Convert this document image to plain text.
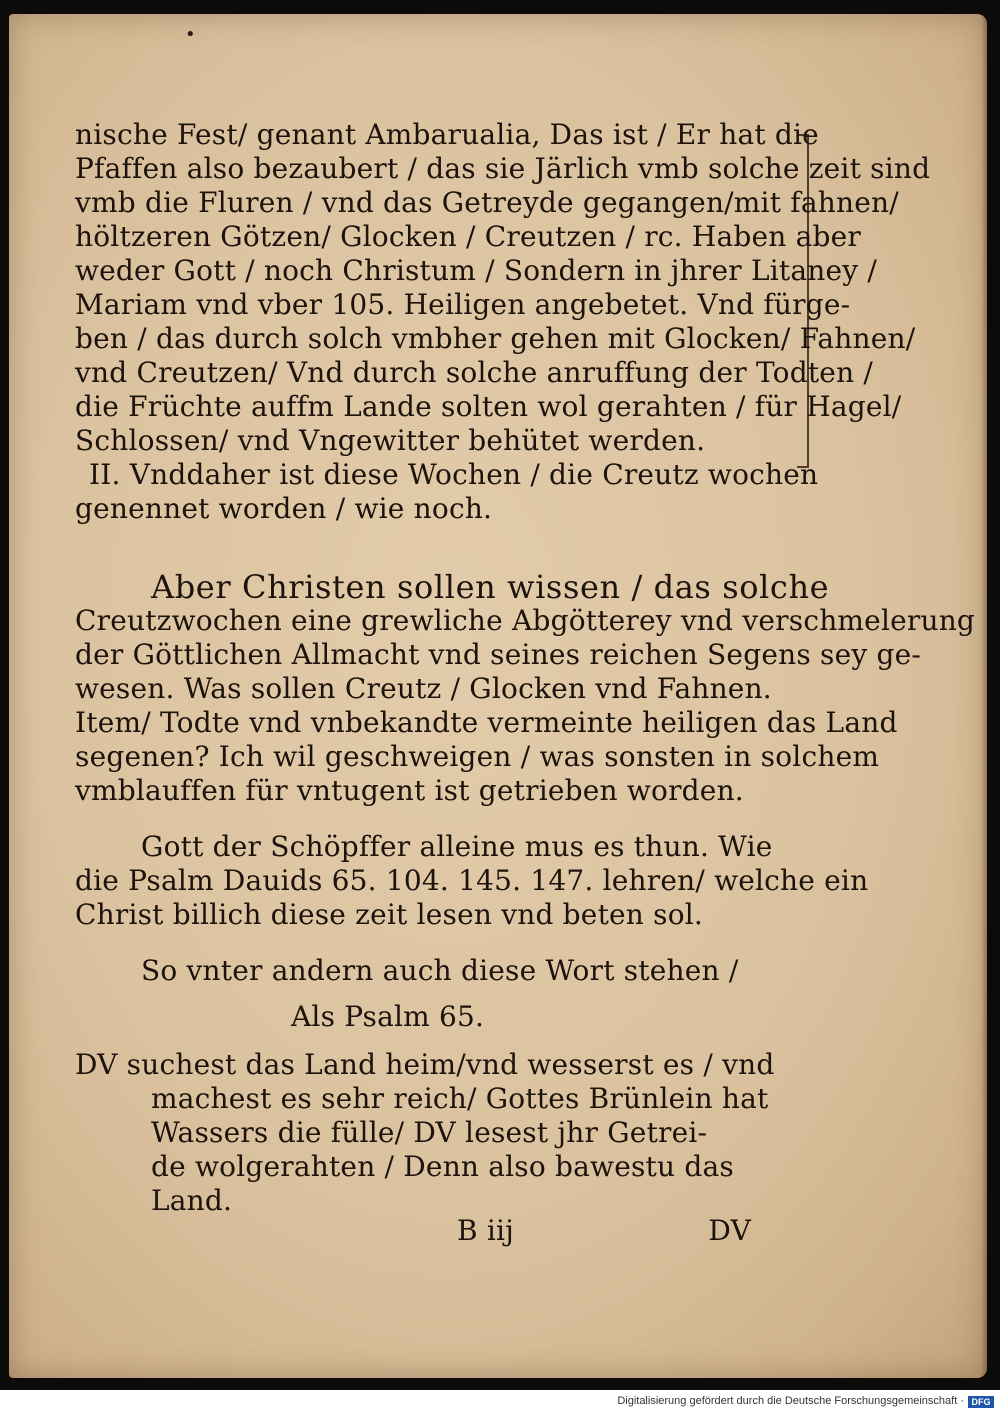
•
nische Fest/ genant Ambarualia, Das ist / Er hat die
Pfaffen also bezaubert / das sie Järlich vmb solche zeit sind
vmb die Fluren / vnd das Getreyde gegangen/mit fahnen/
höltzeren Götzen/ Glocken / Creutzen / rc. Haben aber
weder Gott / noch Christum / Sondern in jhrer Litaney /
Mariam vnd vber 105. Heiligen angebetet. Vnd fürge-
ben / das durch solch vmbher gehen mit Glocken/ Fahnen/
vnd Creutzen/ Vnd durch solche anruffung der Todten /
die Früchte auffm Lande solten wol gerahten / für Hagel/
Schlossen/ vnd Vngewitter behütet werden.
II. Vnddaher ist diese Wochen / die Creutz wochen
genennet worden / wie noch.
Aber Christen sollen wissen / das solche
Creutzwochen eine grewliche Abgötterey vnd verschmelerung
der Göttlichen Allmacht vnd seines reichen Segens sey ge-
wesen. Was sollen Creutz / Glocken vnd Fahnen.
Item/ Todte vnd vnbekandte vermeinte heiligen das Land
segenen? Ich wil geschweigen / was sonsten in solchem
vmblauffen für vntugent ist getrieben worden.
Gott der Schöpffer alleine mus es thun. Wie
die Psalm Dauids 65. 104. 145. 147. lehren/ welche ein
Christ billich diese zeit lesen vnd beten sol.
So vnter andern auch diese Wort stehen /
Als Psalm 65.
DV suchest das Land heim/vnd wesserst es / vnd
machest es sehr reich/ Gottes Brünlein hat
Wassers die fülle/ DV lesest jhr Getrei-
de wolgerahten / Denn also bawestu das
Land.
B iij	DV
Digitalisierung gefördert durch die Deutsche Forschungsgemeinschaft · DFG
